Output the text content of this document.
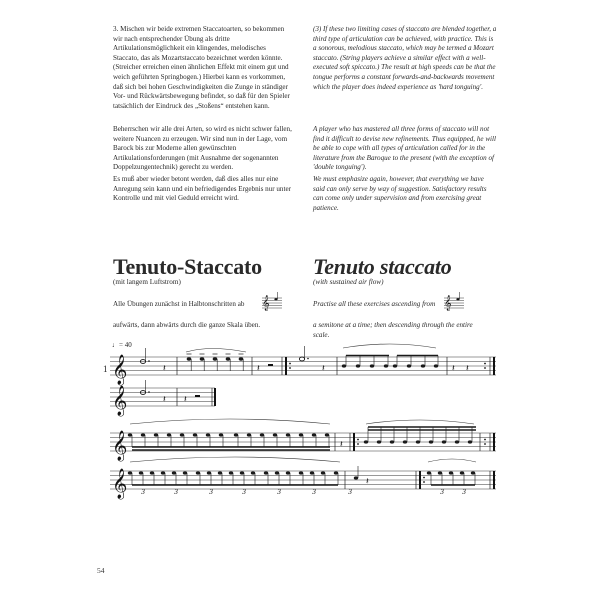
3. Mischen wir beide extremen Staccatoarten, so bekommen wir nach entsprechender Übung als dritte Artikulationsmöglichkeit ein klingendes, melodisches Staccato, das als Mozartstaccato bezeichnet werden könnte. (Streicher erreichen einen ähnlichen Effekt mit einem gut und weich geführten Springbogen.) Hierbei kann es vorkommen, daß sich bei hohen Geschwindigkeiten die Zunge in ständiger Vor- und Rückwärtsbewegung befindet, so daß für den Spieler tatsächlich der Eindruck des „Stoßens“ entstehen kann.

Beherrschen wir alle drei Arten, so wird es nicht schwer fallen, weitere Nuancen zu erzeugen. Wir sind nun in der Lage, vom Barock bis zur Moderne allen gewünschten Artikulationsforderungen (mit Ausnahme der sogenannten Doppelzungentechnik) gerecht zu werden.

Es muß aber wieder betont werden, daß dies alles nur eine Anregung sein kann und ein befriedigendes Ergebnis nur unter Kontrolle und mit viel Geduld erreicht wird.

(3) If these two limiting cases of staccato are blended together, a third type of articulation can be achieved, with practice. This is a sonorous, melodious staccato, which may be termed a Mozart staccato. (String players achieve a similar effect with a well-executed soft spiccato.) The result at high speeds can be that the tongue performs a constant forwards-and-backwards movement which the player does indeed experience as 'hard tonguing'.

A player who has mastered all three forms of staccato will not find it difficult to devise new refinements. Thus equipped, he will be able to cope with all types of articulation called for in the literature from the Baroque to the present (with the exception of 'double tonguing').

We must emphasize again, however, that everything we have said can only serve by way of suggestion. Satisfactory results can come only under supervision and from exercising great patience.

Tenuto-Staccato

(mit langem Luftstrom)

Tenuto staccato

(with sustained air flow)

Alle Übungen zunächst in Halbtonschritten ab 𝄞

aufwärts, dann abwärts durch die ganze Skala üben.

Practise all these exercises ascending from 𝄞

a semitone at a time; then descending through the entire

scale.

1
♩= 40
𝄞	𝄽	𝄽	𝄽	𝄽 𝄽
𝄞	𝄽 𝄽
𝄞	𝄽
𝄞 3	3	3	3	3	3	3
𝄽
3	3
54
